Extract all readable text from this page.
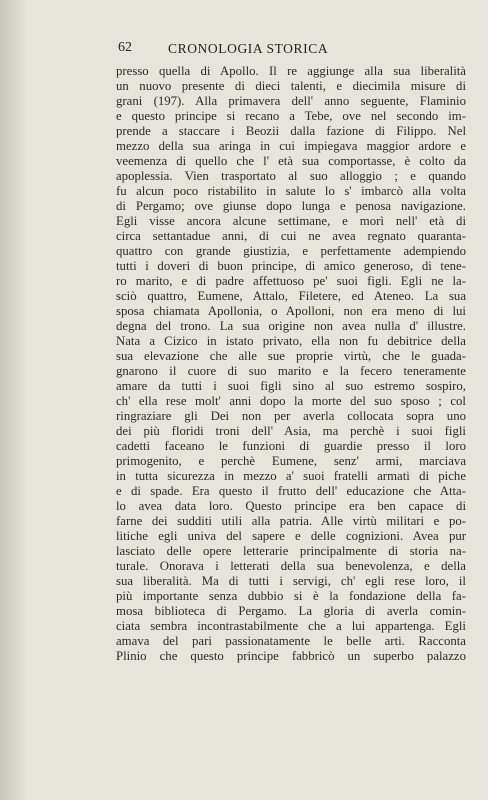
62	CRONOLOGIA STORICA
presso quella di Apollo. Il re aggiunge alla sua liberalità
un nuovo presente di dieci talenti, e diecimila misure di
grani (197). Alla primavera dell' anno seguente, Flaminio
e questo principe si recano a Tebe, ove nel secondo im-
prende a staccare i Beozii dalla fazione di Filippo. Nel
mezzo della sua aringa in cui impiegava maggior ardore e
veemenza di quello che l' età sua comportasse, è colto da
apoplessia. Vien trasportato al suo alloggio ; e quando
fu alcun poco ristabilito in salute lo s' imbarcò alla volta
di Pergamo; ove giunse dopo lunga e penosa navigazione.
Egli visse ancora alcune settimane, e morì nell' età di
circa settantadue anni, di cui ne avea regnato quaranta-
quattro con grande giustizia, e perfettamente adempiendo
tutti i doveri di buon principe, di amico generoso, di tene-
ro marito, e di padre affettuoso pe' suoi figli. Egli ne la-
sciò quattro, Eumene, Attalo, Filetere, ed Ateneo. La sua
sposa chiamata Apollonia, o Apolloni, non era meno di lui
degna del trono. La sua origine non avea nulla d' illustre.
Nata a Cizico in istato privato, ella non fu debitrice della
sua elevazione che alle sue proprie virtù, che le guada-
gnarono il cuore di suo marito e la fecero teneramente
amare da tutti i suoi figli sino al suo estremo sospiro,
ch' ella rese molt' anni dopo la morte del suo sposo ; col
ringraziare gli Dei non per averla collocata sopra uno
dei più floridi troni dell' Asia, ma perchè i suoi figli
cadetti faceano le funzioni di guardie presso il loro
primogenito, e perchè Eumene, senz' armi, marciava
in tutta sicurezza in mezzo a' suoi fratelli armati di piche
e di spade. Era questo il frutto dell' educazione che Atta-
lo avea data loro. Questo principe era ben capace di
farne dei sudditi utili alla patria. Alle virtù militari e po-
litiche egli univa del sapere e delle cognizioni. Avea pur
lasciato delle opere letterarie principalmente di storia na-
turale. Onorava i letterati della sua benevolenza, e della
sua liberalità. Ma di tutti i servigi, ch' egli rese loro, il
più importante senza dubbio si è la fondazione della fa-
mosa biblioteca di Pergamo. La gloria di averla comin-
ciata sembra incontrastabilmente che a lui appartenga. Egli
amava del pari passionatamente le belle arti. Racconta
Plinio che questo principe fabbricò un superbo palazzo
